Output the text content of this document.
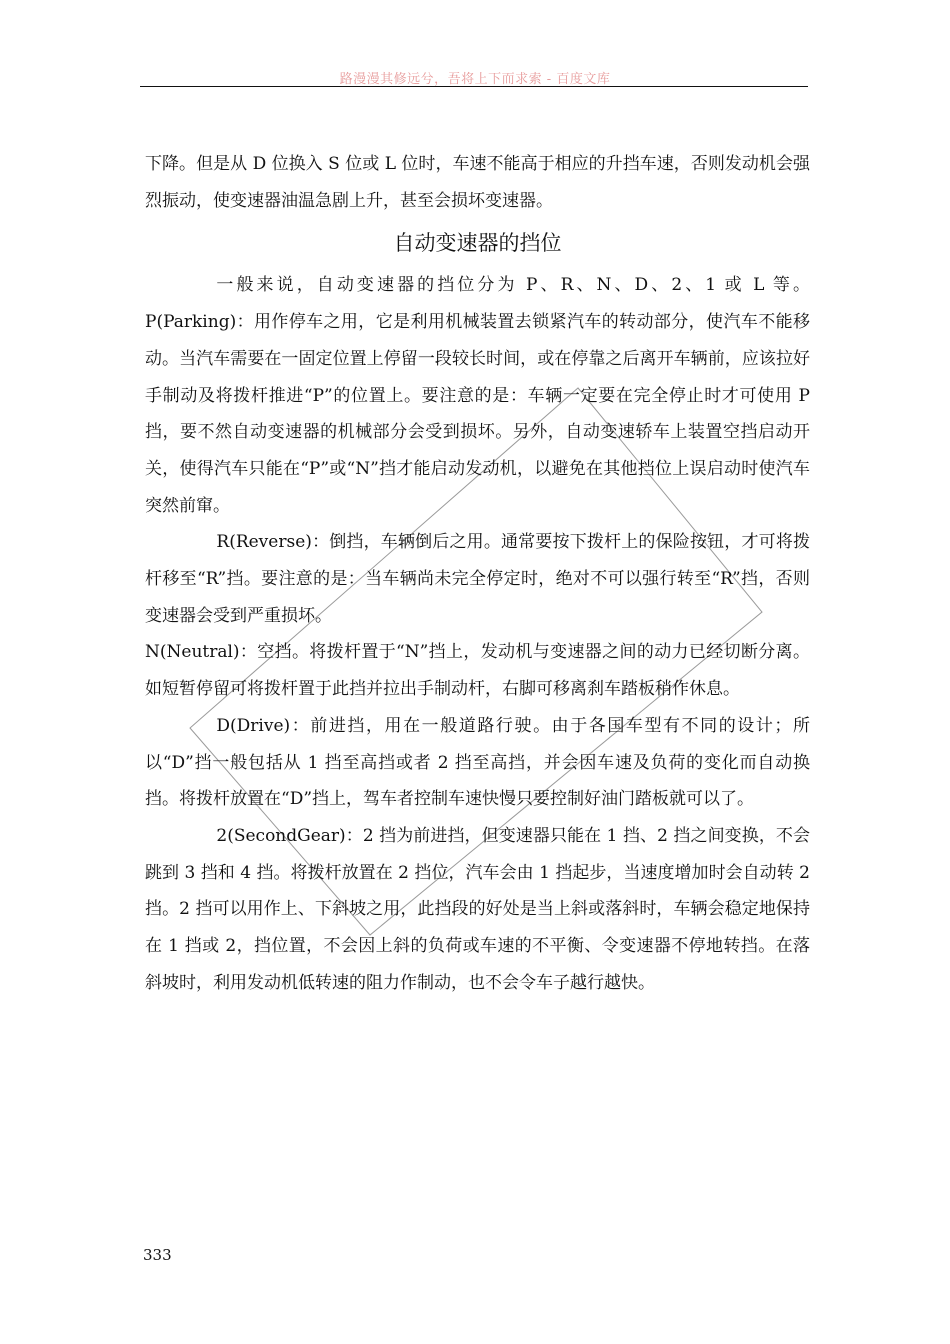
路漫漫其修远兮，吾将上下而求索 - 百度文库

下降。但是从 D 位换入 S 位或 L 位时，车速不能高于相应的升挡车速，否则发动机会强烈振动，使变速器油温急剧上升，甚至会损坏变速器。

自动变速器的挡位

一般来说，自动变速器的挡位分为 P、R、N、D、2、1 或 L 等。P(Parking)：用作停车之用，它是利用机械装置去锁紧汽车的转动部分，使汽车不能移动。当汽车需要在一固定位置上停留一段较长时间，或在停靠之后离开车辆前，应该拉好手制动及将拨杆推进“P”的位置上。要注意的是：车辆一定要在完全停止时才可使用 P 挡，要不然自动变速器的机械部分会受到损坏。另外，自动变速轿车上装置空挡启动开关，使得汽车只能在“P”或“N”挡才能启动发动机，以避免在其他挡位上误启动时使汽车突然前窜。

R(Reverse)：倒挡，车辆倒后之用。通常要按下拨杆上的保险按钮，才可将拨杆移至“R”挡。要注意的是：当车辆尚未完全停定时，绝对不可以强行转至“R”挡，否则变速器会受到严重损坏。

N(Neutral)：空挡。将拨杆置于“N”挡上，发动机与变速器之间的动力已经切断分离。如短暂停留可将拨杆置于此挡并拉出手制动杆，右脚可移离刹车踏板稍作休息。

D(Drive)：前进挡，用在一般道路行驶。由于各国车型有不同的设计；所以“D”挡一般包括从 1 挡至高挡或者 2 挡至高挡，并会因车速及负荷的变化而自动换挡。将拨杆放置在“D”挡上，驾车者控制车速快慢只要控制好油门踏板就可以了。

2(SecondGear)：2 挡为前进挡，但变速器只能在 1 挡、2 挡之间变换，不会跳到 3 挡和 4 挡。将拨杆放置在 2 挡位，汽车会由 1 挡起步，当速度增加时会自动转 2 挡。2 挡可以用作上、下斜坡之用，此挡段的好处是当上斜或落斜时，车辆会稳定地保持在 1 挡或 2，挡位置，不会因上斜的负荷或车速的不平衡、令变速器不停地转挡。在落斜坡时，利用发动机低转速的阻力作制动，也不会令车子越行越快。

333
